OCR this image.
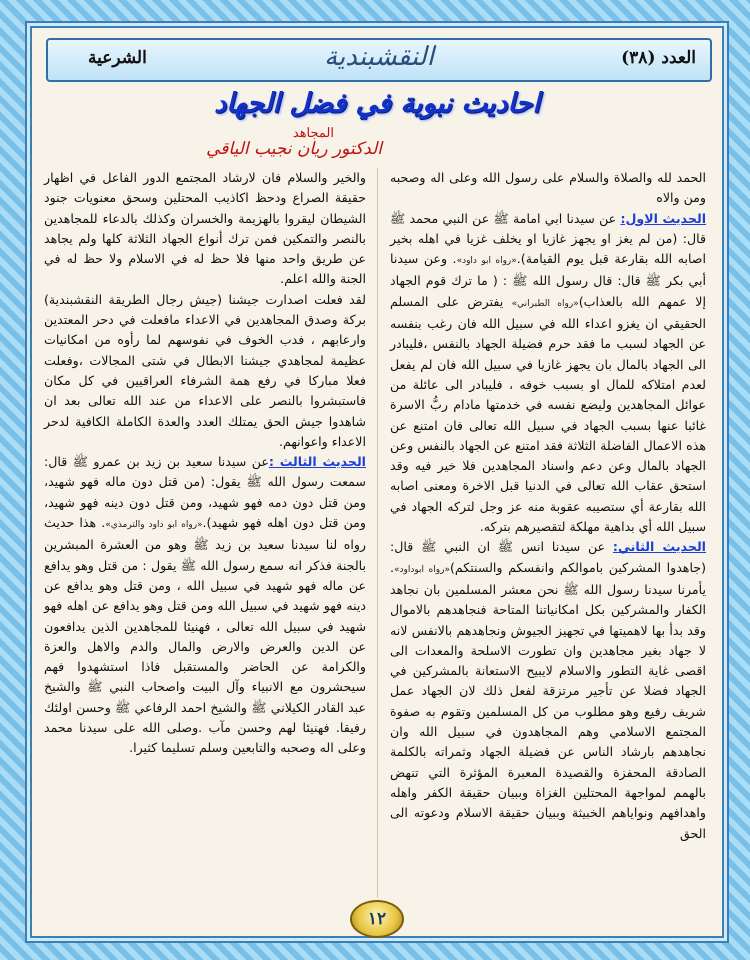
العدد (٣٨)
النقشبندية
الشرعية
احاديث نبوية في فضل الجهاد
المجاهد
الدكتور ريان نجيب الياقي

الحمد لله والصلاة والسلام على رسول الله وعلى اله وصحبه ومن والاه

الحديث الاول: عن سيدنا ابي امامة ﷺ عن النبي محمد ﷺ قال: (من لم يغز او يجهز غازيا او يخلف غزيا في اهله بخير اصابه الله بقارعة قبل يوم القيامة).«رواه ابو داود». وعن سيدنا أبي بكر ﷺ قال: قال رسول الله ﷺ : ( ما ترك قوم الجهاد إلا عمهم الله بالعذاب)«رواه الطبراني» يفترض على المسلم الحقيقي ان يغزو اعداء الله في سبيل الله فان رغب بنفسه عن الجهاد لسبب ما فقد حرم فضيلة الجهاد بالنفس ،فليبادر الى الجهاد بالمال بان يجهز غازيا في سبيل الله فان لم يفعل لعدم امتلاكه للمال او بسبب خوفه ، فليبادر الى عائلة من عوائل المجاهدين وليضع نفسه في خدمتها مادام ربُّ الاسرة غائبا عنها بسبب الجهاد في سبيل الله تعالى فان امتنع عن هذه الاعمال الفاضلة الثلاثة فقد امتنع عن الجهاد بالنفس وعن الجهاد بالمال وعن دعم واسناد المجاهدين فلا خير فيه وقد استحق عقاب الله تعالى في الدنيا قبل الاخرة ومعنى اصابه الله بقارعة أي ستصيبه عقوبة منه عز وجل لتركه الجهاد في سبيل الله أي بداهية مهلكة لتقصيرهم بتركه.

الحديث الثاني: عن سيدنا انس ﷺ ان النبي ﷺ قال:(جاهدوا المشركين باموالكم وانفسكم والسنتكم)«رواه ابوداود». يأمرنا سيدنا رسول الله ﷺ نحن معشر المسلمين بان نجاهد الكفار والمشركين بكل امكانياتنا المتاحة فنجاهدهم بالاموال وقد بدأ بها لاهميتها في تجهيز الجيوش ونجاهدهم بالانفس لانه لا جهاد بغير مجاهدين وان تطورت الاسلحة والمعدات الى اقصى غاية التطور والاسلام لايبيح الاستعانة بالمشركين في الجهاد فضلا عن تأجير مرتزقة لفعل ذلك لان الجهاد عمل شريف رفيع وهو مطلوب من كل المسلمين وتقوم به صفوة المجتمع الاسلامي وهم المجاهدون في سبيل الله وان نجاهدهم بارشاد الناس عن فضيلة الجهاد وثمراته بالكلمة الصادقة المحفزة والقصيدة المعبرة المؤثرة التي تنهض بالهمم لمواجهة المحتلين الغزاة وببيان حقيقة الكفر واهله واهدافهم ونواياهم الخبيثة وببيان حقيقة الاسلام ودعوته الى الحق

والخير والسلام فان لارشاد المجتمع الدور الفاعل في اظهار حقيقة الصراع ودحظ اكاذيب المحتلين وسحق معنويات جنود الشيطان ليقروا بالهزيمة والخسران وكذلك بالدعاء للمجاهدين بالنصر والتمكين فمن ترك أنواع الجهاد الثلاثة كلها ولم يجاهد عن طريق واحد منها فلا حظ له في الاسلام ولا حظ له في الجنة والله اعلم.

لقد فعلت اصدارت جيشنا (جيش رجال الطريقة النقشبندية) بركة وصدق المجاهدين في الاعداء مافعلت في دحر المعتدين وارعابهم ، فدب الخوف في نفوسهم لما رأوه من امكانيات عظيمة لمجاهدي جيشنا الابطال في شتى المجالات ،وفعلت فعلا مباركا في رفع همة الشرفاء العراقيين في كل مكان فاستبشروا بالنصر على الاعداء من عند الله تعالى بعد ان شاهدوا جيش الحق يمتلك العدد والعدة الكاملة الكافية لدحر الاعداء واعوانهم.

الحديث الثالث :عن سيدنا سعيد بن زيد بن عمرو ﷺ قال: سمعت رسول الله ﷺ يقول: (من قتل دون ماله فهو شهيد، ومن قتل دون دمه فهو شهيد، ومن قتل دون دينه فهو شهيد، ومن قتل دون اهله فهو شهيد).«رواه ابو داود والترمذي». هذا حديث رواه لنا سيدنا سعيد بن زيد ﷺ وهو من العشرة المبشرين بالجنة فذكر انه سمع رسول الله ﷺ يقول : من قتل وهو يدافع عن ماله فهو شهيد في سبيل الله ، ومن قتل وهو يدافع عن دينه فهو شهيد في سبيل الله ومن قتل وهو يدافع عن اهله فهو شهيد في سبيل الله تعالى ، فهنيئا للمجاهدين الذين يدافعون عن الدين والعرض والارض والمال والدم والاهل والعزة والكرامة عن الحاضر والمستقبل فاذا استشهدوا فهم سيحشرون مع الانبياء وآل البيت واصحاب النبي ﷺ والشيخ عبد القادر الكيلاني ﷺ والشيخ احمد الرفاعي ﷺ وحسن اولئك رفيقا. فهنيئا لهم وحسن مآب .وصلى الله على سيدنا محمد وعلى اله وصحبه والتابعين وسلم تسليما كثيرا.

١٢
